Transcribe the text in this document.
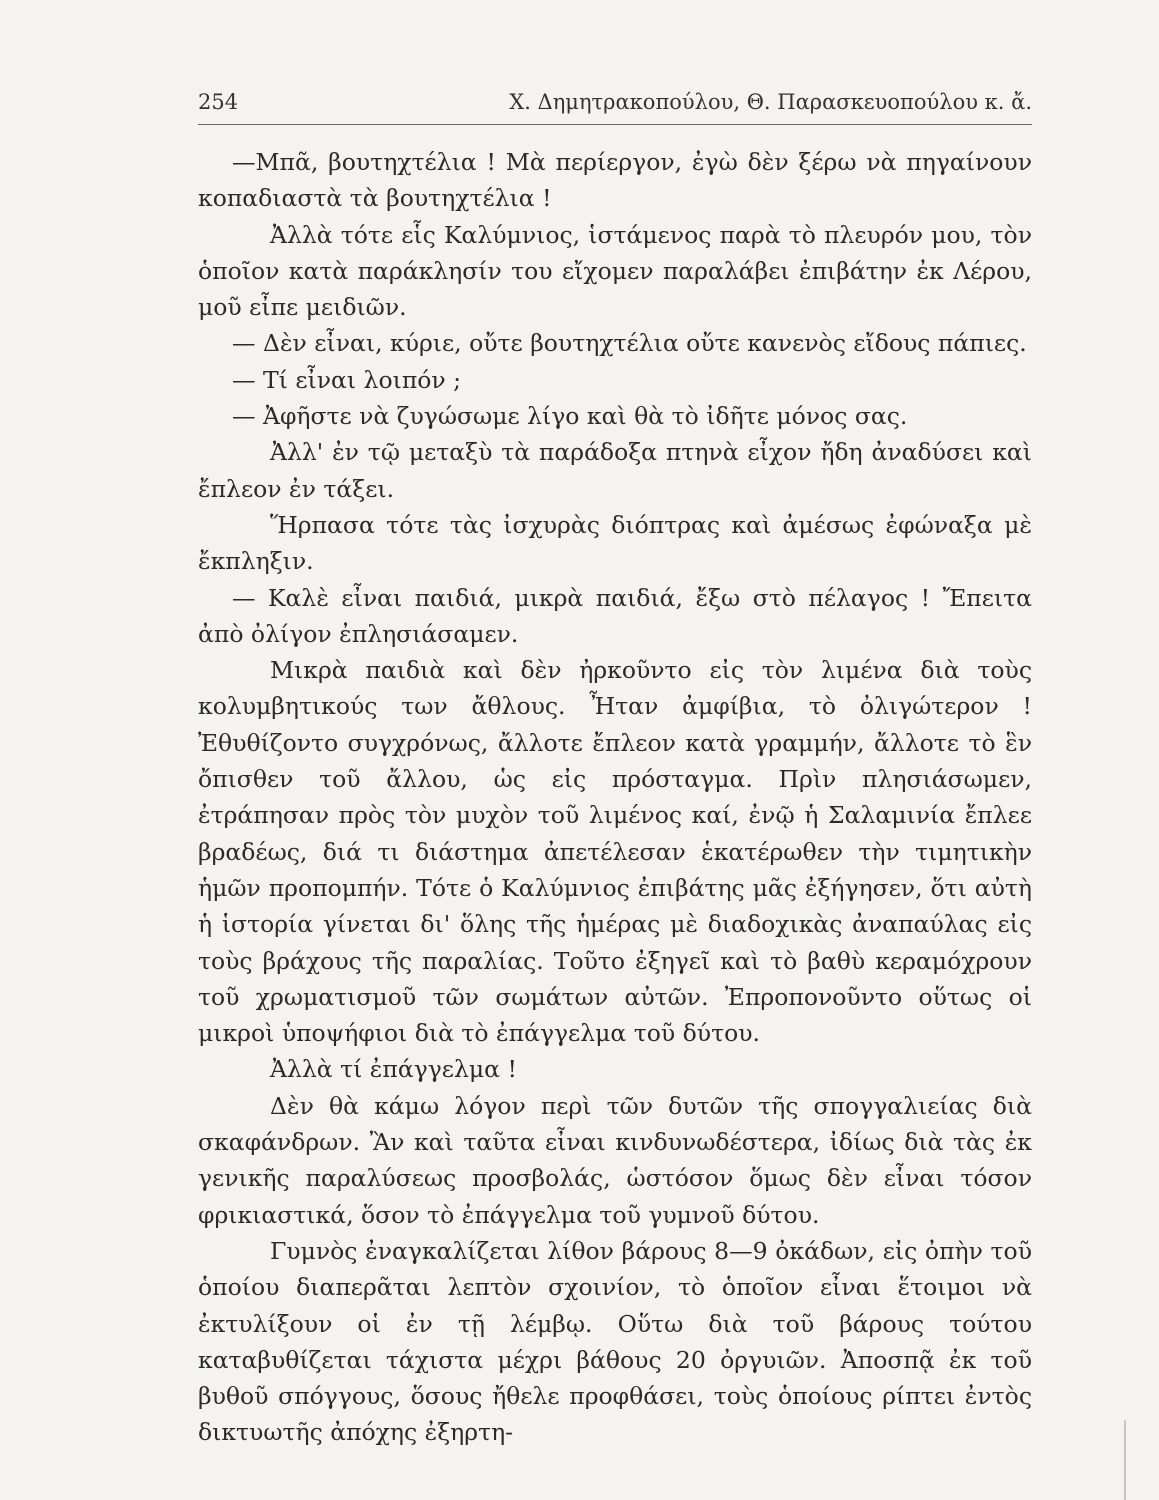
254	Χ. Δημητρακοπούλου, Θ. Παρασκευοπούλου κ. ἄ.

—Μπᾶ, βουτηχτέλια ! Μὰ περίεργον, ἐγὼ δὲν ξέρω νὰ πηγαίνουν κοπαδιαστὰ τὰ βουτηχτέλια !

Ἀλλὰ τότε εἷς Καλύμνιος, ἱστάμενος παρὰ τὸ πλευρόν μου, τὸν ὁποῖον κατὰ παράκλησίν του εἴχομεν παραλάβει ἐπιβάτην ἐκ Λέρου, μοῦ εἶπε μειδιῶν.

— Δὲν εἶναι, κύριε, οὔτε βουτηχτέλια οὔτε κανενὸς εἴδους πάπιες.

— Τί εἶναι λοιπόν ;

— Ἀφῆστε νὰ ζυγώσωμε λίγο καὶ θὰ τὸ ἰδῆτε μόνος σας.

Ἀλλ' ἐν τῷ μεταξὺ τὰ παράδοξα πτηνὰ εἶχον ἤδη ἀναδύσει καὶ ἔπλεον ἐν τάξει.

Ἥρπασα τότε τὰς ἰσχυρὰς διόπτρας καὶ ἀμέσως ἐφώναξα μὲ ἔκπληξιν.

— Καλὲ εἶναι παιδιά, μικρὰ παιδιά, ἔξω στὸ πέλαγος ! Ἔπειτα ἀπὸ ὀλίγον ἐπλησιάσαμεν.

Μικρὰ παιδιὰ καὶ δὲν ἠρκοῦντο εἰς τὸν λιμένα διὰ τοὺς κολυμβητικούς των ἄθλους. Ἦταν ἀμφίβια, τὸ ὀλιγώτερον ! Ἐθυθίζοντο συγχρόνως, ἄλλοτε ἔπλεον κατὰ γραμμήν, ἄλλοτε τὸ ἓν ὄπισθεν τοῦ ἄλλου, ὡς εἰς πρόσταγμα. Πρὶν πλησιάσωμεν, ἐτράπησαν πρὸς τὸν μυχὸν τοῦ λιμένος καί, ἐνῷ ἡ Σαλαμινία ἔπλεε βραδέως, διά τι διάστημα ἀπετέλεσαν ἑκατέρωθεν τὴν τιμητικὴν ἡμῶν προπομπήν. Τότε ὁ Καλύμνιος ἐπιβάτης μᾶς ἐξήγησεν, ὅτι αὐτὴ ἡ ἱστορία γίνεται δι' ὅλης τῆς ἡμέρας μὲ διαδοχικὰς ἀναπαύλας εἰς τοὺς βράχους τῆς παραλίας. Τοῦτο ἐξηγεῖ καὶ τὸ βαθὺ κεραμόχρουν τοῦ χρωματισμοῦ τῶν σωμάτων αὐτῶν. Ἐπροπονοῦντο οὕτως οἱ μικροὶ ὑποψήφιοι διὰ τὸ ἐπάγγελμα τοῦ δύτου.

Ἀλλὰ τί ἐπάγγελμα !

Δὲν θὰ κάμω λόγον περὶ τῶν δυτῶν τῆς σπογγαλιείας διὰ σκαφάνδρων. Ἂν καὶ ταῦτα εἶναι κινδυνωδέστερα, ἰδίως διὰ τὰς ἐκ γενικῆς παραλύσεως προσβολάς, ὡστόσον ὅμως δὲν εἶναι τόσον φρικιαστικά, ὅσον τὸ ἐπάγγελμα τοῦ γυμνοῦ δύτου.

Γυμνὸς ἐναγκαλίζεται λίθον βάρους 8—9 ὀκάδων, εἰς ὀπὴν τοῦ ὁποίου διαπερᾶται λεπτὸν σχοινίον, τὸ ὁποῖον εἶναι ἕτοιμοι νὰ ἐκτυλίξουν οἱ ἐν τῇ λέμβῳ. Οὕτω διὰ τοῦ βάρους τούτου καταβυθίζεται τάχιστα μέχρι βάθους 20 ὀργυιῶν. Ἀποσπᾷ ἐκ τοῦ βυθοῦ σπόγγους, ὅσους ἤθελε προφθάσει, τοὺς ὁποίους ρίπτει ἐντὸς δικτυωτῆς ἀπόχης ἐξηρτη-
